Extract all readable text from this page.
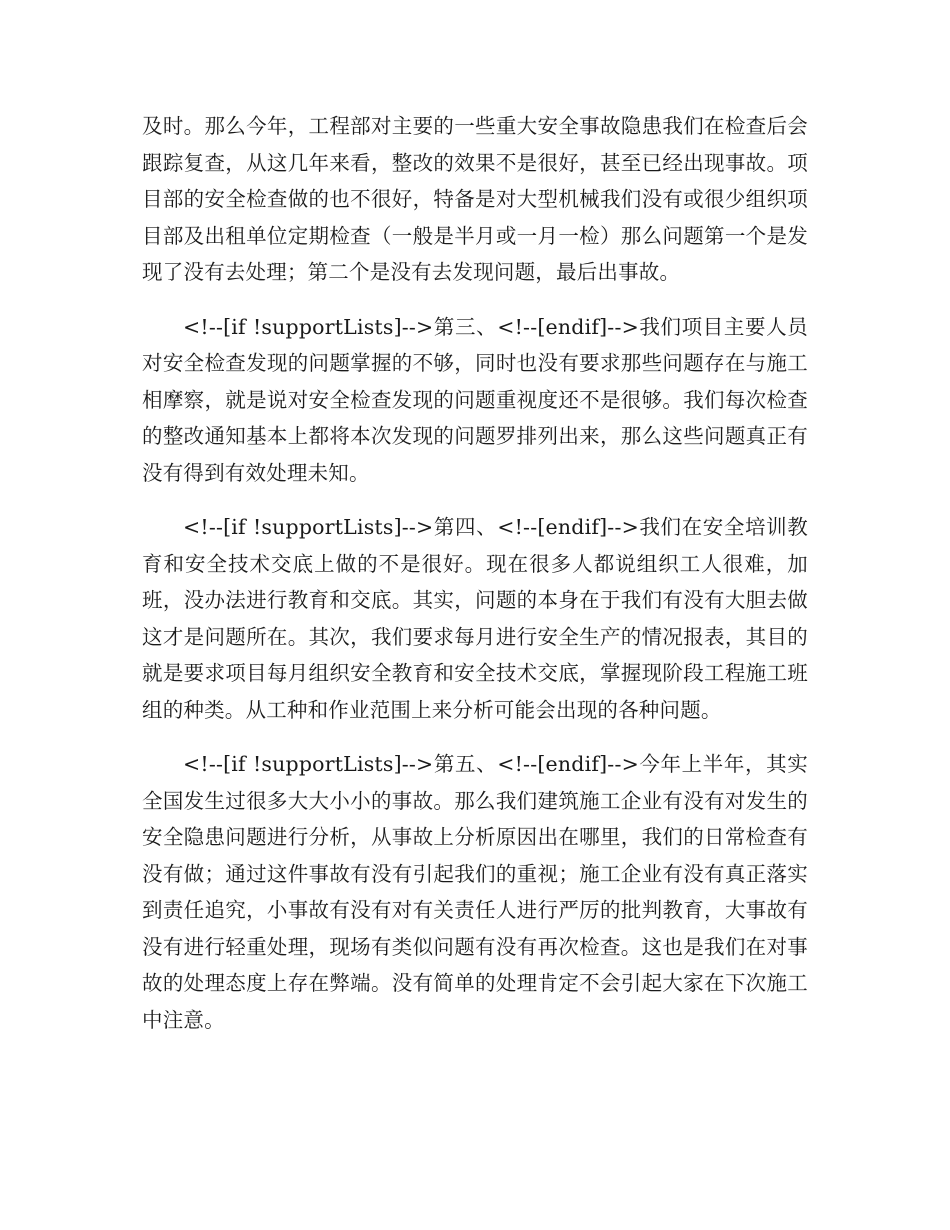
及时。那么今年，工程部对主要的一些重大安全事故隐患我们在检查后会跟踪复查，从这几年来看，整改的效果不是很好，甚至已经出现事故。项目部的安全检查做的也不很好，特备是对大型机械我们没有或很少组织项目部及出租单位定期检查（一般是半月或一月一检）那么问题第一个是发现了没有去处理；第二个是没有去发现问题，最后出事故。

<!--[if !supportLists]-->第三、<!--[endif]-->我们项目主要人员对安全检查发现的问题掌握的不够，同时也没有要求那些问题存在与施工相摩察，就是说对安全检查发现的问题重视度还不是很够。我们每次检查的整改通知基本上都将本次发现的问题罗排列出来，那么这些问题真正有没有得到有效处理未知。

<!--[if !supportLists]-->第四、<!--[endif]-->我们在安全培训教育和安全技术交底上做的不是很好。现在很多人都说组织工人很难，加班，没办法进行教育和交底。其实，问题的本身在于我们有没有大胆去做这才是问题所在。其次，我们要求每月进行安全生产的情况报表，其目的就是要求项目每月组织安全教育和安全技术交底，掌握现阶段工程施工班组的种类。从工种和作业范围上来分析可能会出现的各种问题。

<!--[if !supportLists]-->第五、<!--[endif]-->今年上半年，其实全国发生过很多大大小小的事故。那么我们建筑施工企业有没有对发生的安全隐患问题进行分析，从事故上分析原因出在哪里，我们的日常检查有没有做；通过这件事故有没有引起我们的重视；施工企业有没有真正落实到责任追究，小事故有没有对有关责任人进行严厉的批判教育，大事故有没有进行轻重处理，现场有类似问题有没有再次检查。这也是我们在对事故的处理态度上存在弊端。没有简单的处理肯定不会引起大家在下次施工中注意。
